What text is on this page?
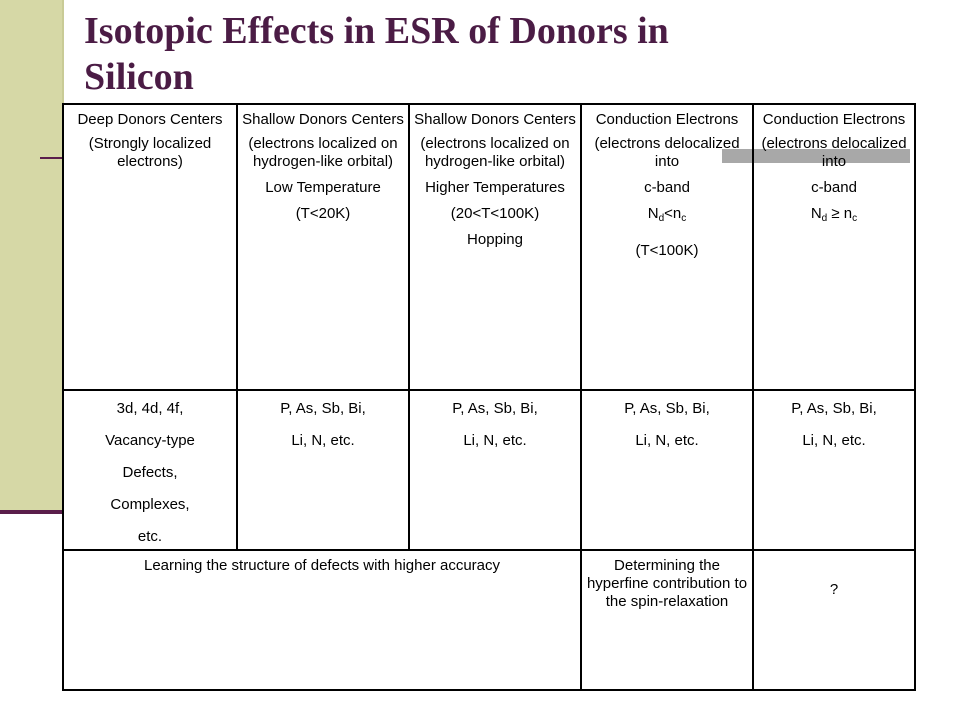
Isotopic Effects in ESR of Donors in
Silicon

Deep Donors Centers

(Strongly localized electrons)

3d, 4d, 4f,

Vacancy-type

Defects,

Complexes,

etc.

Shallow Donors Centers

(electrons localized on hydrogen-like orbital)

Low Temperature

(T<20K)

P, As, Sb, Bi,

Li, N, etc.

Shallow Donors Centers

(electrons localized on hydrogen-like orbital)

Higher Temperatures

(20<T<100K)

Hopping

P, As, Sb, Bi,

Li, N, etc.

Conduction Electrons

(electrons delocalized into

c-band

$N_d<n_c$

(T<100K)

P, As, Sb, Bi,

Li, N, etc.

Conduction Electrons

(electrons delocalized into

c-band

$N_d \ge n_c$

P, As, Sb, Bi,

Li, N, etc.

Learning the structure of defects with higher accuracy	Determining the hyperfine contribution to the spin-relaxation
?
